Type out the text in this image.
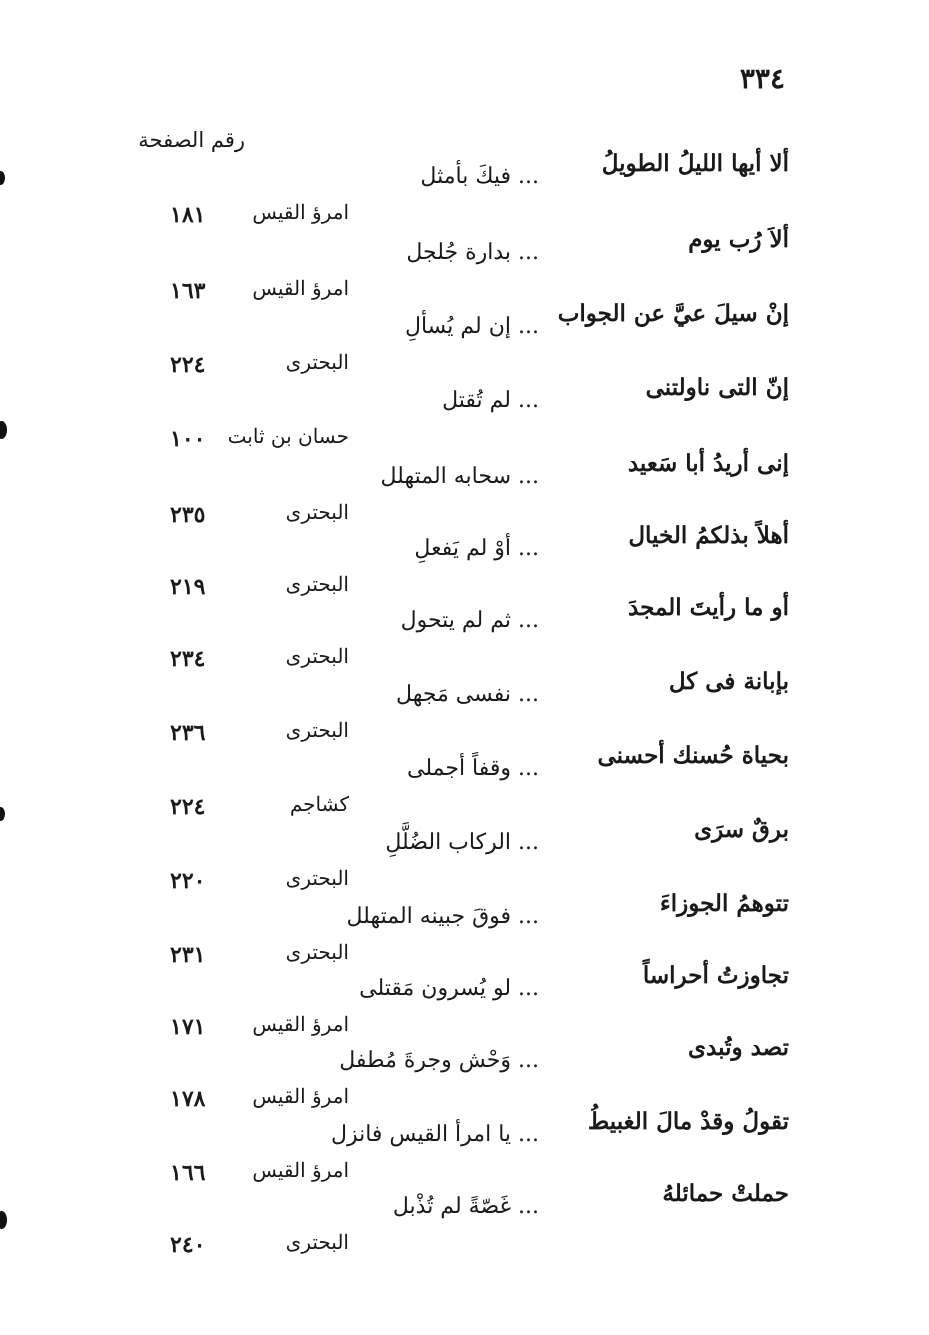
٣٣٤
رقم الصفحة
ألا أيها الليلُ الطويلُ
... فيكَ بأمثل
امرؤ القيس
١٨١
ألاَ رُب يوم
... بدارة جُلجل
امرؤ القيس
١٦٣
إنْ سيلَ عيَّ عن الجواب
... إن لم يُسألِ
البحترى
٢٢٤
إنّ التى ناولتنى
... لم تُقتل
حسان بن ثابت
١٠٠
إنى أريدُ أبا سَعيد
... سحابه المتهلل
البحترى
٢٣٥
أهلاً بذلكمُ الخيال
... أوْ لم يَفعلِ
البحترى
٢١٩
أو ما رأيتَ المجدَ
... ثم لم يتحول
البحترى
٢٣٤
بإبانة فى كل
... نفسى مَجهل
البحترى
٢٣٦
بحياة حُسنك أحسنى
... وقفاً أجملى
كشاجم
٢٢٤
برقٌ سرَى
... الركاب الضُلَّلِ
البحترى
٢٢٠
تتوهمُ الجوزاءَ
... فوقَ جبينه المتهلل
البحترى
٢٣١
تجاوزتُ أحراساً
... لو يُسرون مَقتلى
امرؤ القيس
١٧١
تصد وتُبدى
... وَحْش وجرةَ مُطفل
امرؤ القيس
١٧٨
تقولُ وقدْ مالَ الغبيطُ
... يا امرأ القيس فانزل
امرؤ القيس
١٦٦
حملتْ حمائلهُ
... غَصّةً لم تُذْبل
البحترى
٢٤٠
